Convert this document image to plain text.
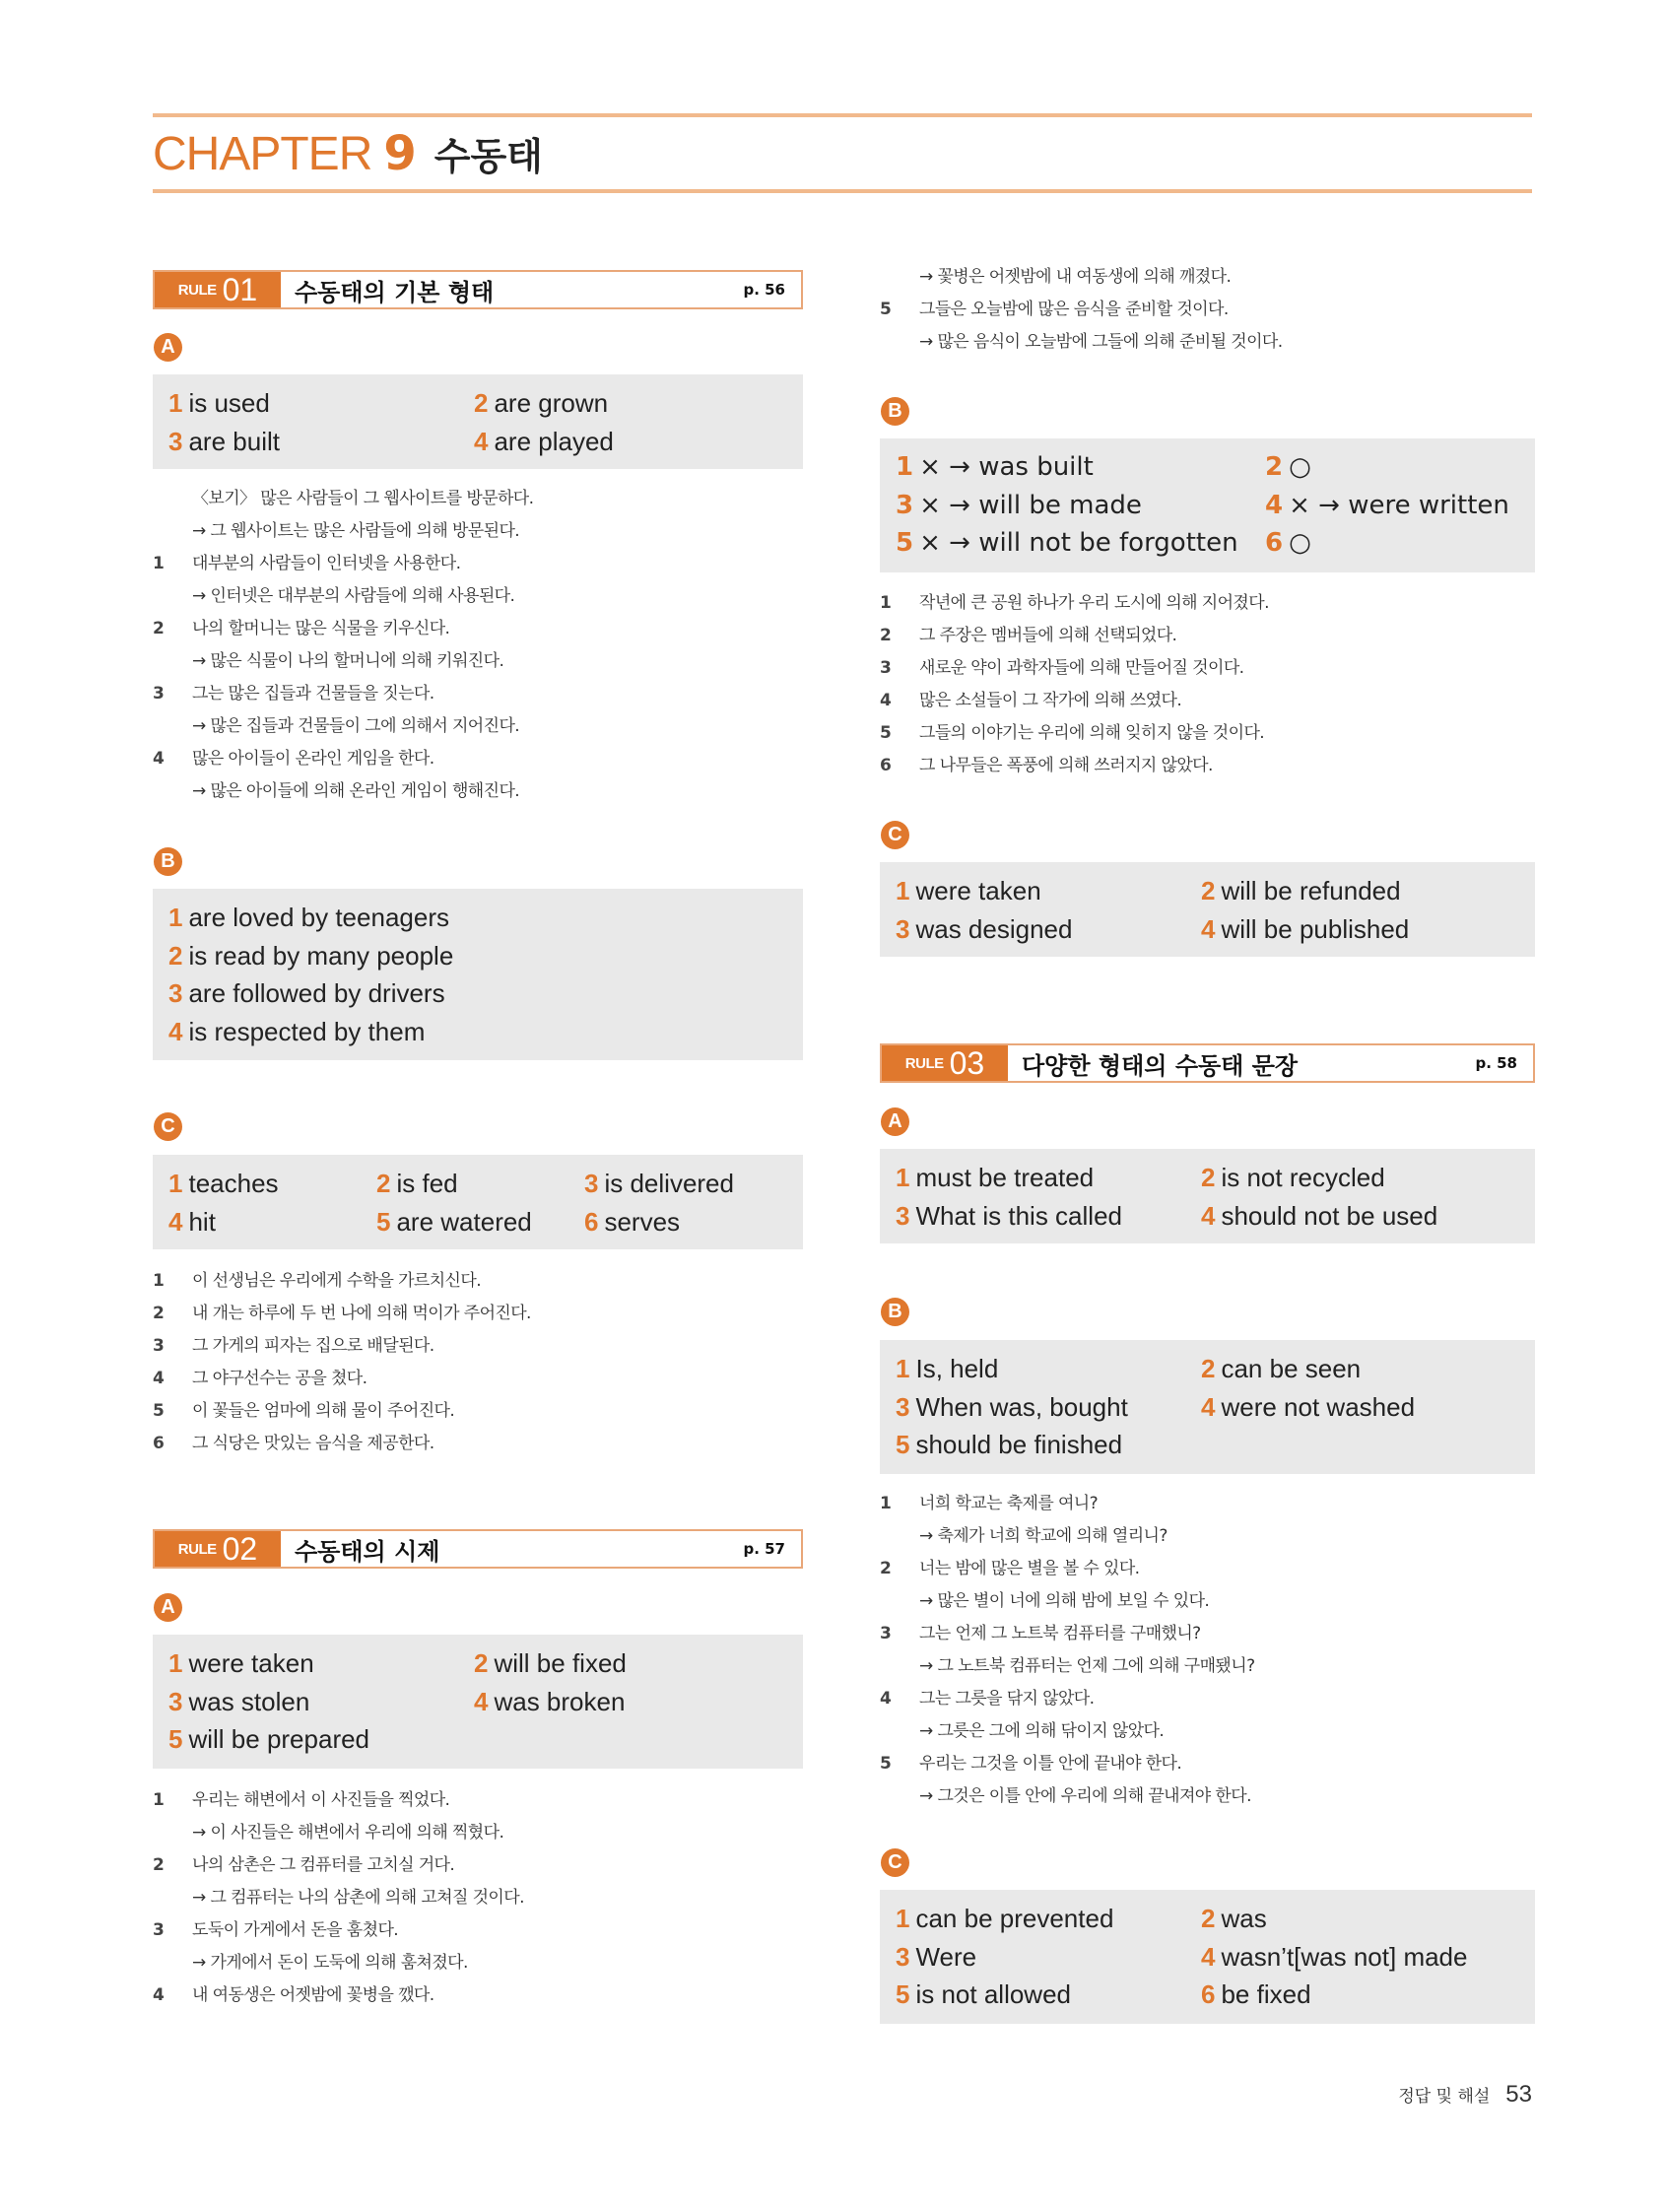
CHAPTER 9 수동태
RULE 01	수동태의 기본 형태	p. 56
A
1 is used	2 are grown
3 are built	4 are played
〈보기〉 많은 사람들이 그 웹사이트를 방문하다.
→ 그 웹사이트는 많은 사람들에 의해 방문된다.
1 대부분의 사람들이 인터넷을 사용한다.
→ 인터넷은 대부분의 사람들에 의해 사용된다.
2 나의 할머니는 많은 식물을 키우신다.
→ 많은 식물이 나의 할머니에 의해 키워진다.
3 그는 많은 집들과 건물들을 짓는다.
→ 많은 집들과 건물들이 그에 의해서 지어진다.
4 많은 아이들이 온라인 게임을 한다.
→ 많은 아이들에 의해 온라인 게임이 행해진다.
B
1 are loved by teenagers
2 is read by many people
3 are followed by drivers
4 is respected by them
C
1 teaches	2 is fed	3 is delivered
4 hit	5 are watered 6 serves
1 이 선생님은 우리에게 수학을 가르치신다.
2 내 개는 하루에 두 번 나에 의해 먹이가 주어진다.
3 그 가게의 피자는 집으로 배달된다.
4 그 야구선수는 공을 쳤다.
5 이 꽃들은 엄마에 의해 물이 주어진다.
6 그 식당은 맛있는 음식을 제공한다.
RULE 02	수동태의 시제	p. 57
A
1 were taken	2 will be fixed
3 was stolen	4 was broken
5 will be prepared
1 우리는 해변에서 이 사진들을 찍었다.
→ 이 사진들은 해변에서 우리에 의해 찍혔다.
2 나의 삼촌은 그 컴퓨터를 고치실 거다.
→ 그 컴퓨터는 나의 삼촌에 의해 고쳐질 것이다.
3 도둑이 가게에서 돈을 훔쳤다.
→ 가게에서 돈이 도둑에 의해 훔쳐졌다.
4 내 여동생은 어젯밤에 꽃병을 깼다.
→ 꽃병은 어젯밤에 내 여동생에 의해 깨졌다.
5 그들은 오늘밤에 많은 음식을 준비할 것이다.
→ 많은 음식이 오늘밤에 그들에 의해 준비될 것이다.
B
1 × → was built	2 ○
3 × → will be made	4 × → were written
5 × → will not be forgotten 6 ○
1 작년에 큰 공원 하나가 우리 도시에 의해 지어졌다.
2 그 주장은 멤버들에 의해 선택되었다.
3 새로운 약이 과학자들에 의해 만들어질 것이다.
4 많은 소설들이 그 작가에 의해 쓰였다.
5 그들의 이야기는 우리에 의해 잊히지 않을 것이다.
6 그 나무들은 폭풍에 의해 쓰러지지 않았다.
C
1 were taken	2 will be refunded
3 was designed	4 will be published
RULE 03	다양한 형태의 수동태 문장	p. 58
A
1 must be treated	2 is not recycled
3 What is this called	4 should not be used
B
1 Is, held	2 can be seen
3 When was, bought	4 were not washed
5 should be finished
1 너희 학교는 축제를 여니?
→ 축제가 너희 학교에 의해 열리니?
2 너는 밤에 많은 별을 볼 수 있다.
→ 많은 별이 너에 의해 밤에 보일 수 있다.
3 그는 언제 그 노트북 컴퓨터를 구매했니?
→ 그 노트북 컴퓨터는 언제 그에 의해 구매됐니?
4 그는 그릇을 닦지 않았다.
→ 그릇은 그에 의해 닦이지 않았다.
5 우리는 그것을 이틀 안에 끝내야 한다.
→ 그것은 이틀 안에 우리에 의해 끝내져야 한다.
C
1 can be prevented	2 was
3 Were	4 wasn’t[was not] made
5 is not allowed	6 be fixed
정답 및 해설 53
